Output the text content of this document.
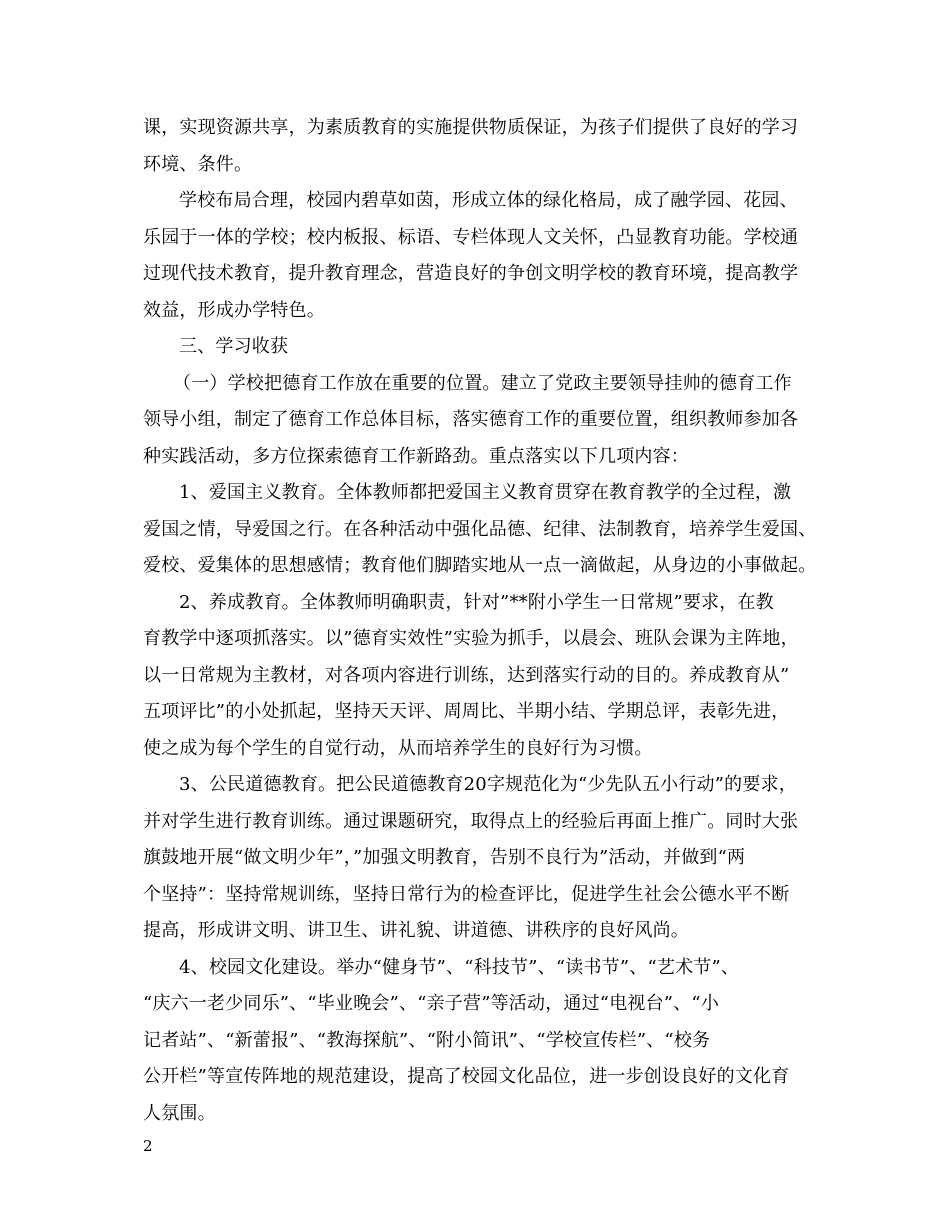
课，实现资源共享，为素质教育的实施提供物质保证，为孩子们提供了良好的学习
环境、条件。
学校布局合理，校园内碧草如茵，形成立体的绿化格局，成了融学园、花园、
乐园于一体的学校；校内板报、标语、专栏体现人文关怀，凸显教育功能。学校通
过现代技术教育，提升教育理念，营造良好的争创文明学校的教育环境，提高教学
效益，形成办学特色。
三、学习收获
（一）学校把德育工作放在重要的位置。建立了党政主要领导挂帅的德育工作
领导小组，制定了德育工作总体目标，落实德育工作的重要位置，组织教师参加各
种实践活动，多方位探索德育工作新路劲。重点落实以下几项内容：
1、爱国主义教育。全体教师都把爱国主义教育贯穿在教育教学的全过程，激
爱国之情，导爱国之行。在各种活动中强化品德、纪律、法制教育，培养学生爱国、
爱校、爱集体的思想感情；教育他们脚踏实地从一点一滴做起，从身边的小事做起。
2、养成教育。全体教师明确职责，针对”**附小学生一日常规”要求，在教
育教学中逐项抓落实。以”德育实效性”实验为抓手，以晨会、班队会课为主阵地，
以一日常规为主教材，对各项内容进行训练，达到落实行动的目的。养成教育从”
五项评比”的小处抓起，坚持天天评、周周比、半期小结、学期总评，表彰先进，
使之成为每个学生的自觉行动，从而培养学生的良好行为习惯。
3、公民道德教育。把公民道德教育20字规范化为“少先队五小行动”的要求，
并对学生进行教育训练。通过课题研究，取得点上的经验后再面上推广。同时大张
旗鼓地开展“做文明少年”，”加强文明教育，告别不良行为”活动，并做到“两
个坚持”：坚持常规训练，坚持日常行为的检查评比，促进学生社会公德水平不断
提高，形成讲文明、讲卫生、讲礼貌、讲道德、讲秩序的良好风尚。
4、校园文化建设。举办“健身节”、“科技节”、“读书节”、“艺术节”、
“庆六一老少同乐”、“毕业晚会”、“亲子营”等活动，通过“电视台”、“小
记者站”、“新蕾报”、“教海探航”、“附小简讯”、“学校宣传栏”、“校务
公开栏”等宣传阵地的规范建设，提高了校园文化品位，进一步创设良好的文化育
人氛围。
2
